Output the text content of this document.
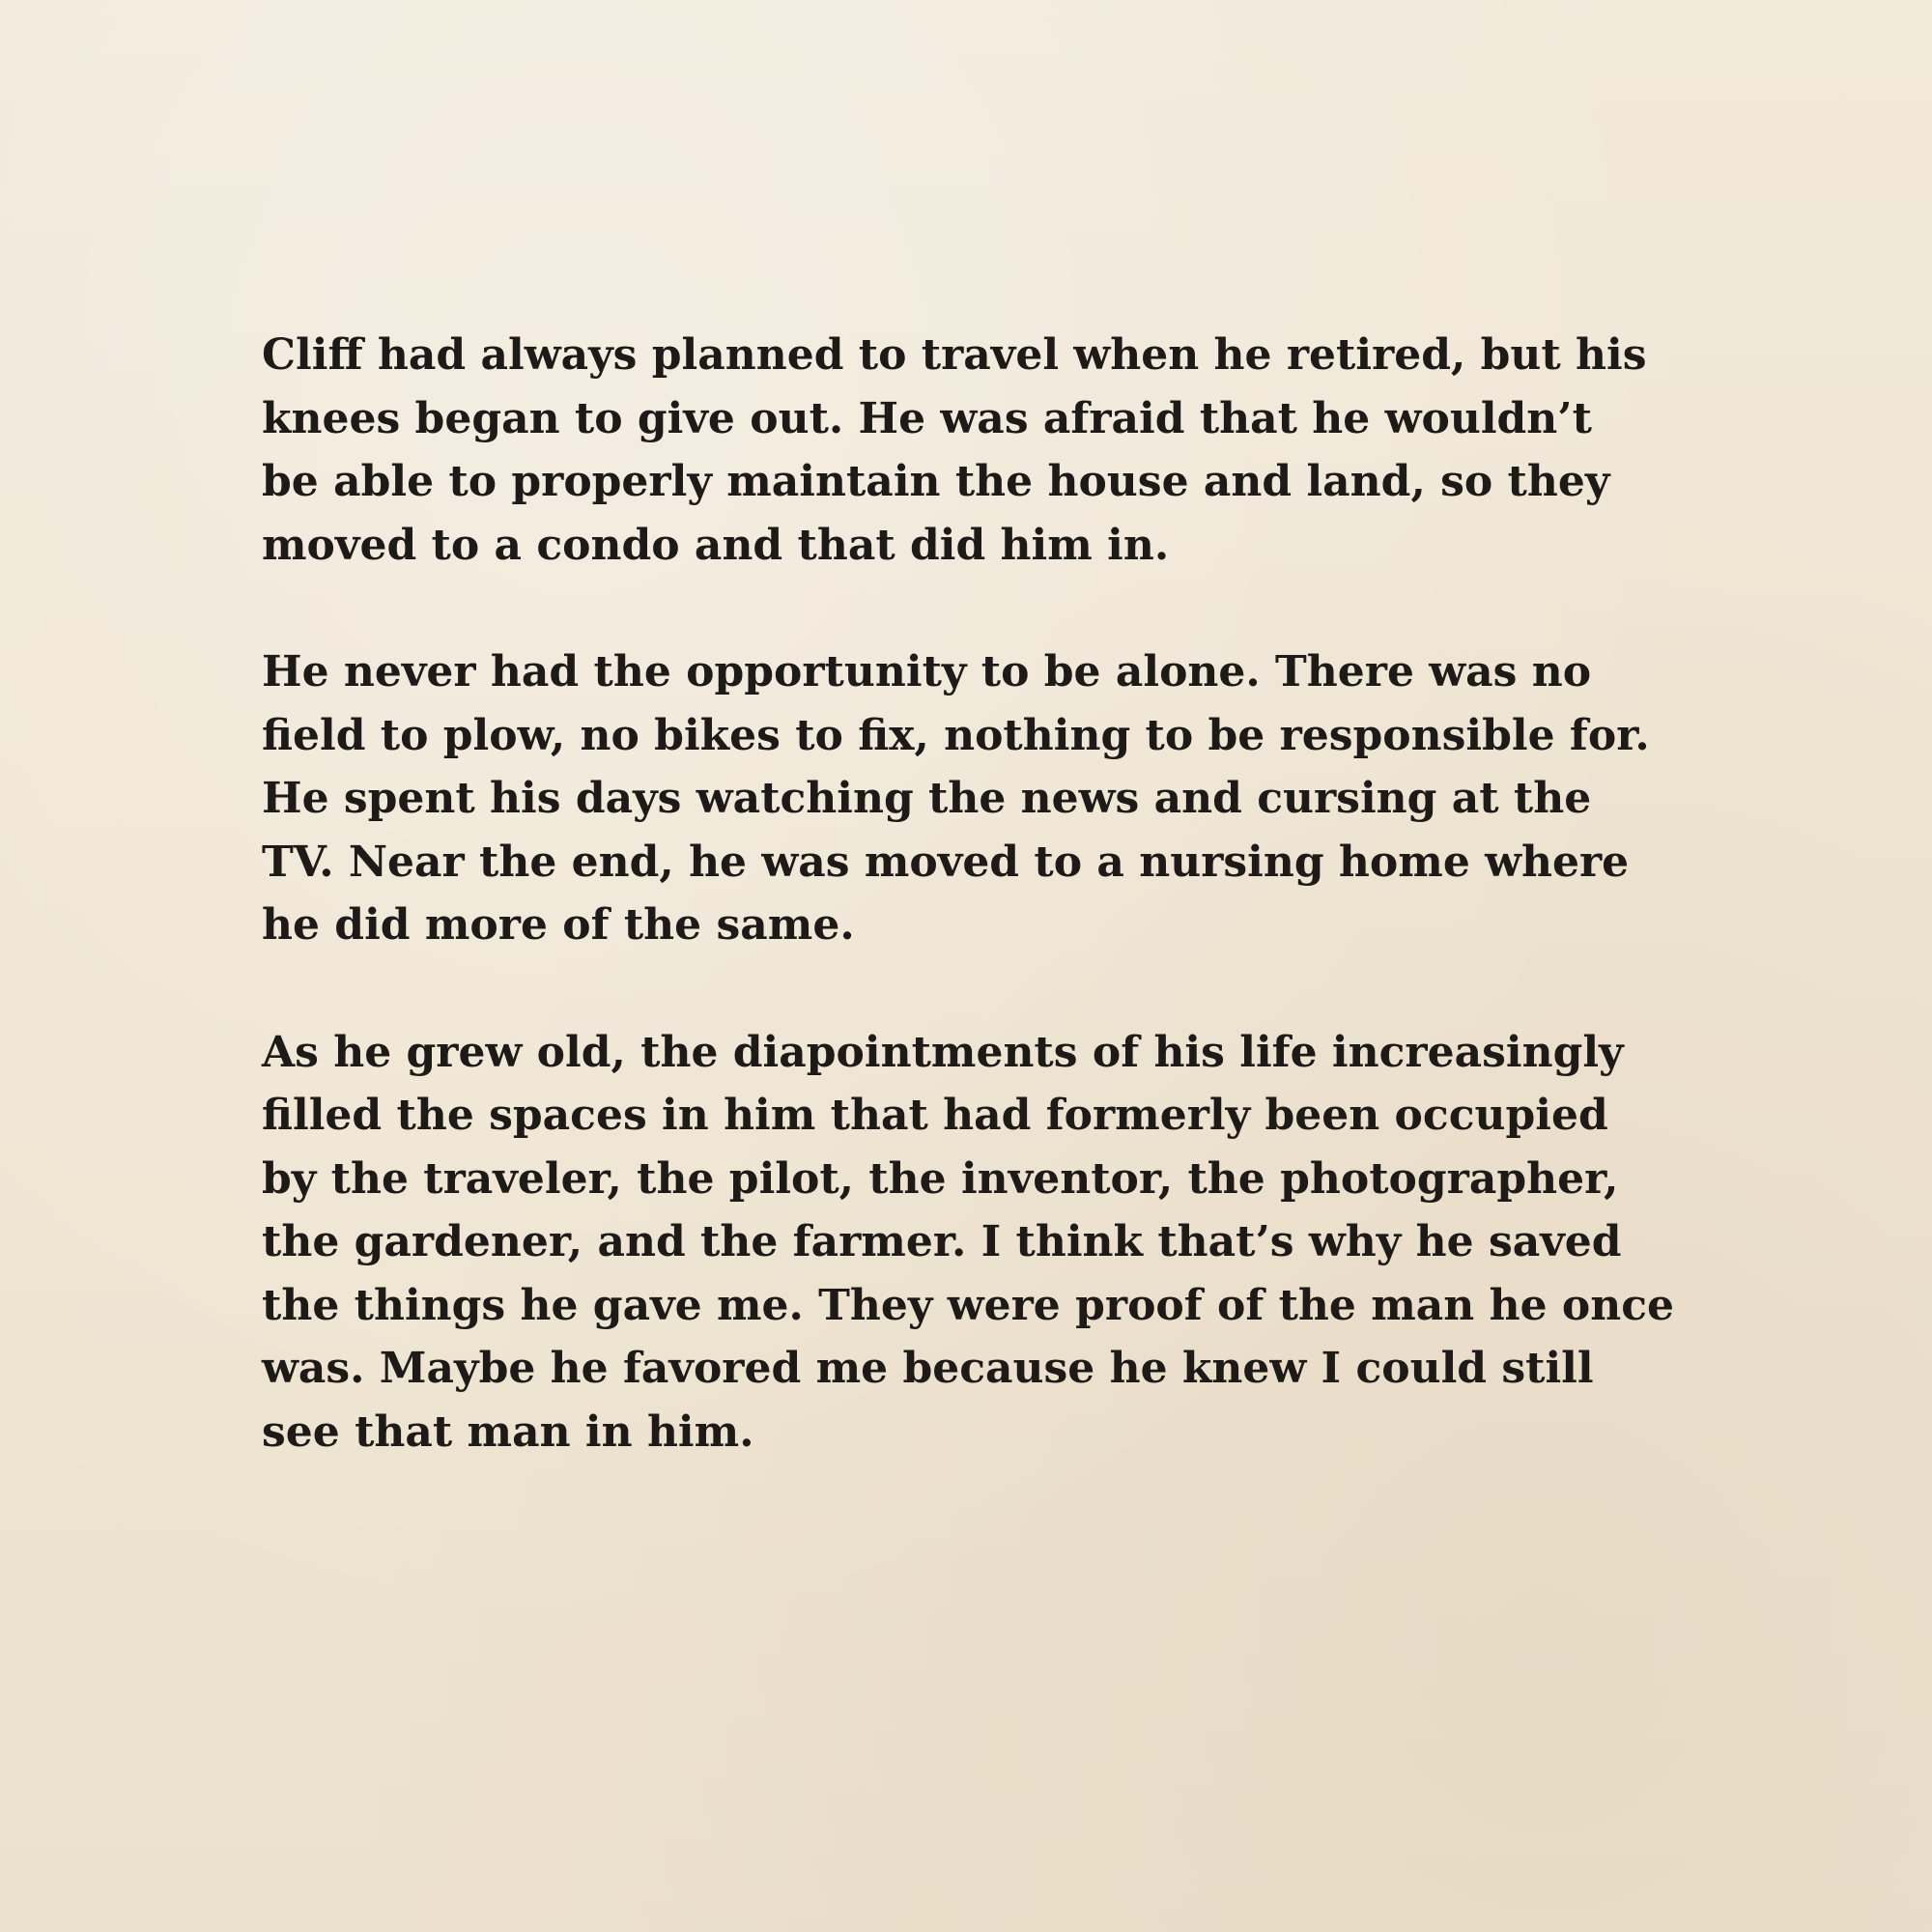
Cliff had always planned to travel when he retired, but his
knees began to give out. He was afraid that he wouldn’t
be able to properly maintain the house and land, so they
moved to a condo and that did him in.

He never had the opportunity to be alone. There was no
field to plow, no bikes to fix, nothing to be responsible for.
He spent his days watching the news and cursing at the
TV. Near the end, he was moved to a nursing home where
he did more of the same.

As he grew old, the diapointments of his life increasingly
filled the spaces in him that had formerly been occupied
by the traveler, the pilot, the inventor, the photographer,
the gardener, and the farmer. I think that’s why he saved
the things he gave me. They were proof of the man he once
was. Maybe he favored me because he knew I could still
see that man in him.
